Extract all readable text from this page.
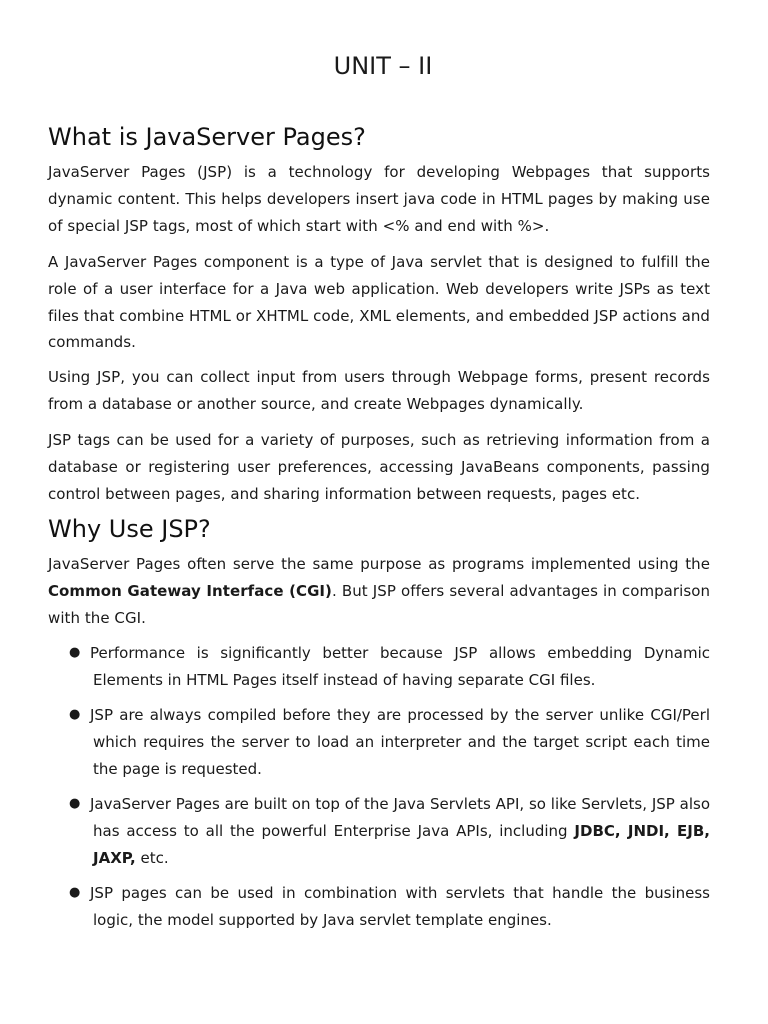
UNIT – II
What is JavaServer Pages?

JavaServer Pages (JSP) is a technology for developing Webpages that supports dynamic content. This helps developers insert java code in HTML pages by making use of special JSP tags, most of which start with <% and end with %>.

A JavaServer Pages component is a type of Java servlet that is designed to fulfill the role of a user interface for a Java web application. Web developers write JSPs as text files that combine HTML or XHTML code, XML elements, and embedded JSP actions and commands.

Using JSP, you can collect input from users through Webpage forms, present records from a database or another source, and create Webpages dynamically.

JSP tags can be used for a variety of purposes, such as retrieving information from a database or registering user preferences, accessing JavaBeans components, passing control between pages, and sharing information between requests, pages etc.

Why Use JSP?

JavaServer Pages often serve the same purpose as programs implemented using the Common Gateway Interface (CGI). But JSP offers several advantages in comparison with the CGI.

● Performance is significantly better because JSP allows embedding Dynamic Elements in HTML Pages itself instead of having separate CGI files.
● JSP are always compiled before they are processed by the server unlike CGI/Perl which requires the server to load an interpreter and the target script each time the page is requested.
● JavaServer Pages are built on top of the Java Servlets API, so like Servlets, JSP also has access to all the powerful Enterprise Java APIs, including JDBC, JNDI, EJB, JAXP, etc.
● JSP pages can be used in combination with servlets that handle the business logic, the model supported by Java servlet template engines.
